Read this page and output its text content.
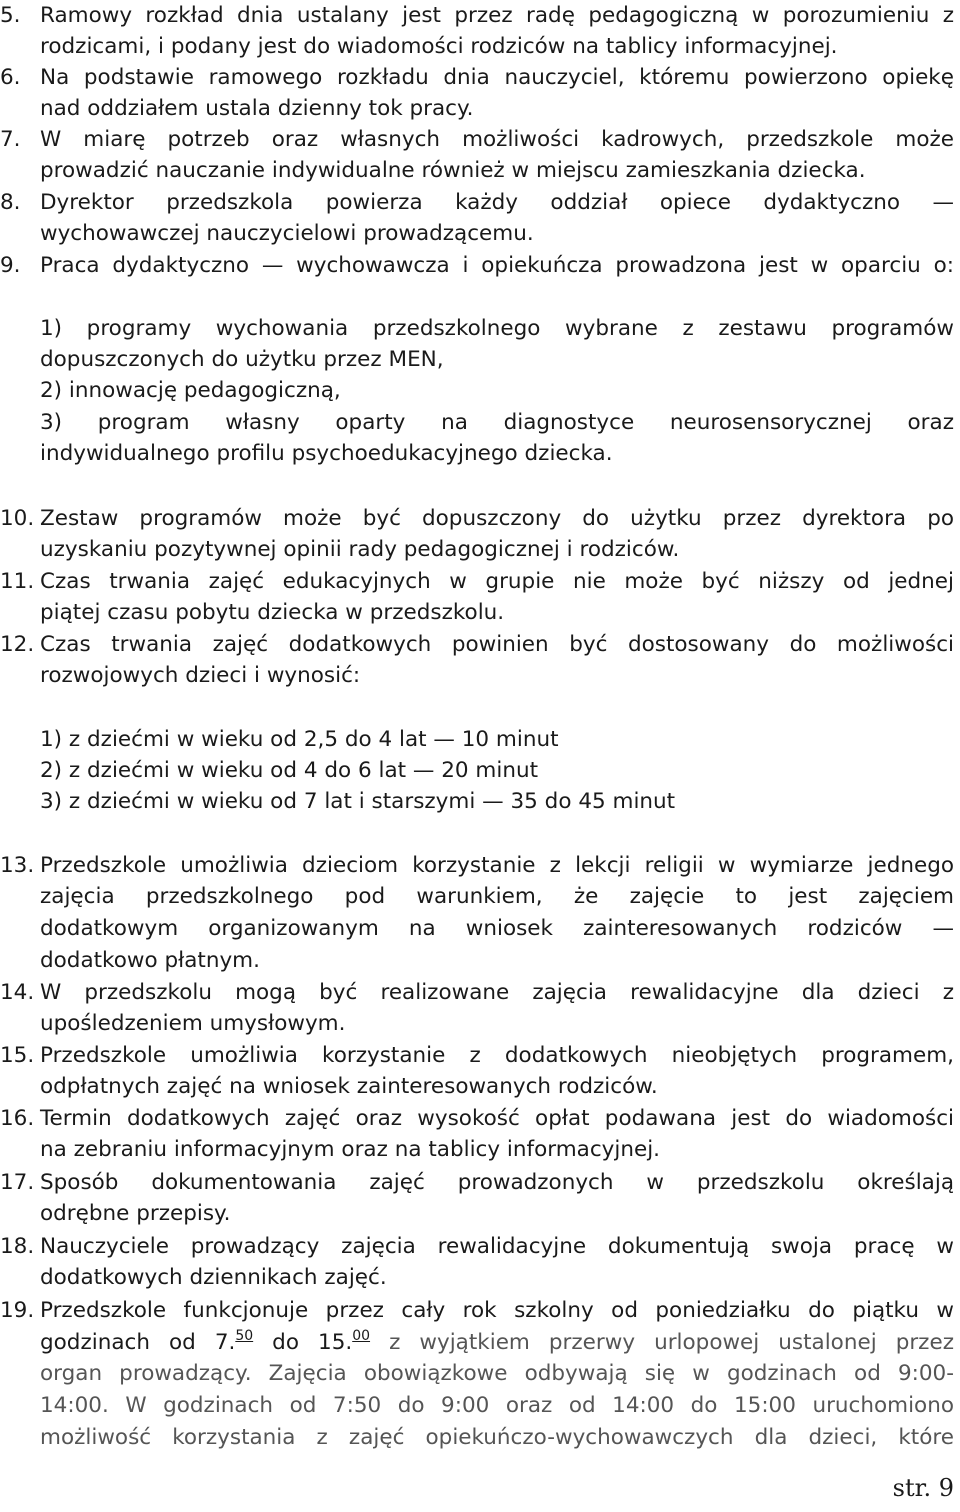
5. Ramowy rozkład dnia ustalany jest przez radę pedagogiczną w porozumieniu z
rodzicami, i podany jest do wiadomości rodziców na tablicy informacyjnej.
6. Na podstawie ramowego rozkładu dnia nauczyciel, któremu powierzono opiekę
nad oddziałem ustala dzienny tok pracy.
7. W miarę potrzeb oraz własnych możliwości kadrowych, przedszkole może
prowadzić nauczanie indywidualne również w miejscu zamieszkania dziecka.
8. Dyrektor przedszkola powierza każdy oddział opiece dydaktyczno —
wychowawczej nauczycielowi prowadzącemu.
9. Praca dydaktyczno — wychowawcza i opiekuńcza prowadzona jest w oparciu o:
1) programy wychowania przedszkolnego wybrane z zestawu programów
dopuszczonych do użytku przez MEN,
2) innowację pedagogiczną,
3) program własny oparty na diagnostyce neurosensorycznej oraz
indywidualnego profilu psychoedukacyjnego dziecka.
10. Zestaw programów może być dopuszczony do użytku przez dyrektora po
uzyskaniu pozytywnej opinii rady pedagogicznej i rodziców.
11. Czas trwania zajęć edukacyjnych w grupie nie może być niższy od jednej
piątej czasu pobytu dziecka w przedszkolu.
12. Czas trwania zajęć dodatkowych powinien być dostosowany do możliwości
rozwojowych dzieci i wynosić:
1) z dziećmi w wieku od 2,5 do 4 lat — 10 minut
2) z dziećmi w wieku od 4 do 6 lat — 20 minut
3) z dziećmi w wieku od 7 lat i starszymi — 35 do 45 minut
13. Przedszkole umożliwia dzieciom korzystanie z lekcji religii w wymiarze jednego
zajęcia przedszkolnego pod warunkiem, że zajęcie to jest zajęciem
dodatkowym organizowanym na wniosek zainteresowanych rodziców —
dodatkowo płatnym.
14. W przedszkolu mogą być realizowane zajęcia rewalidacyjne dla dzieci z
upośledzeniem umysłowym.
15. Przedszkole umożliwia korzystanie z dodatkowych nieobjętych programem,
odpłatnych zajęć na wniosek zainteresowanych rodziców.
16. Termin dodatkowych zajęć oraz wysokość opłat podawana jest do wiadomości
na zebraniu informacyjnym oraz na tablicy informacyjnej.
17. Sposób dokumentowania zajęć prowadzonych w przedszkolu określają
odrębne przepisy.
18. Nauczyciele prowadzący zajęcia rewalidacyjne dokumentują swoja pracę w
dodatkowych dziennikach zajęć.
19. Przedszkole funkcjonuje przez cały rok szkolny od poniedziałku do piątku w
godzinach od 7.50 do 15.00 z wyjątkiem przerwy urlopowej ustalonej przez
organ prowadzący. Zajęcia obowiązkowe odbywają się w godzinach od 9:00-
14:00. W godzinach od 7:50 do 9:00 oraz od 14:00 do 15:00 uruchomiono
możliwość korzystania z zajęć opiekuńczo-wychowawczych dla dzieci, które
str. 9
